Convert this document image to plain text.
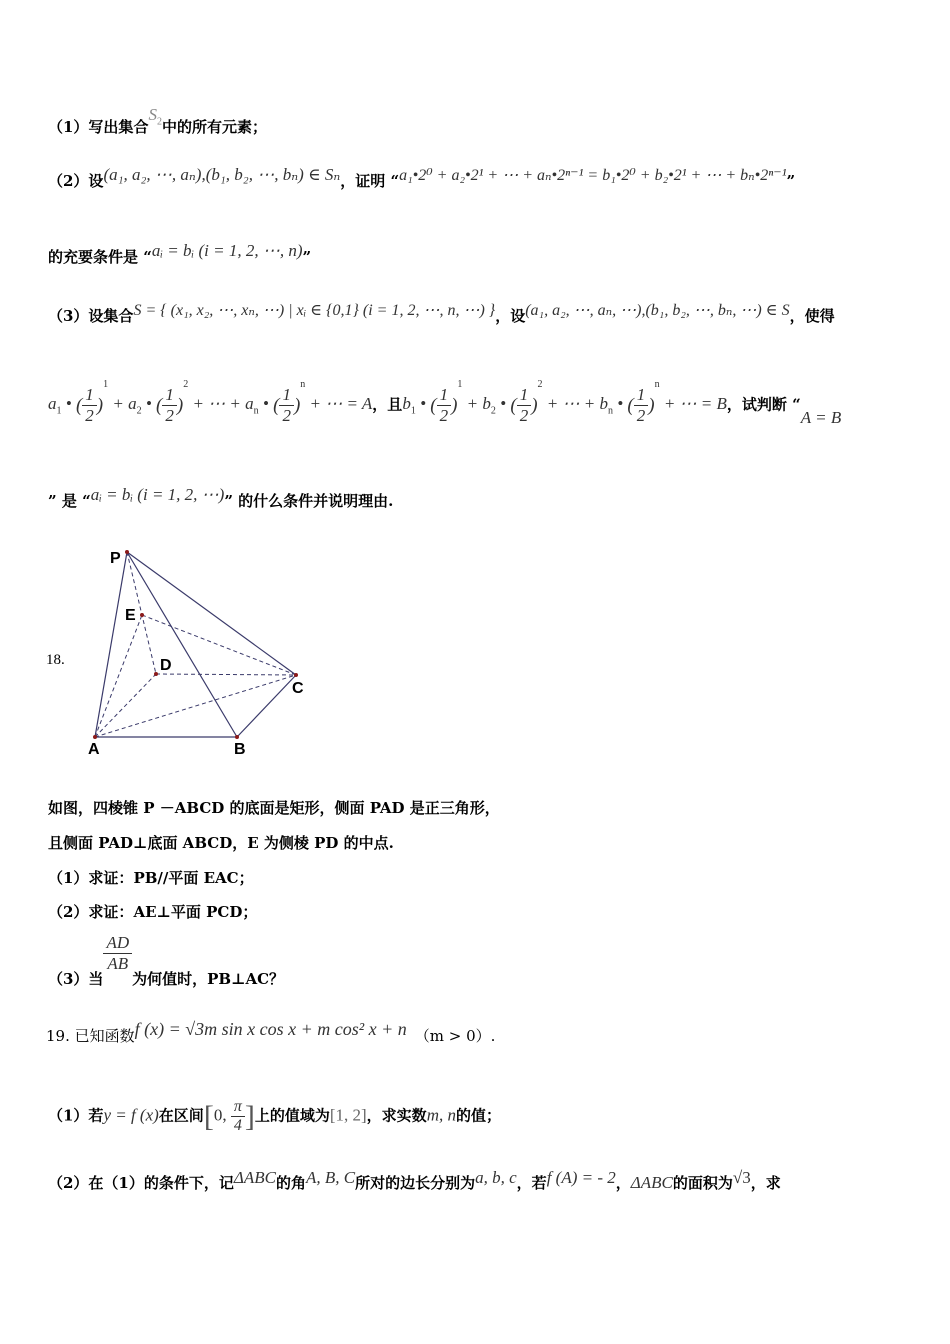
（1）写出集合$S_2$中的所有元素；
（2）设(a₁, a₂, ⋯, aₙ),(b₁, b₂, ⋯, bₙ) ∈ Sₙ，证明 “a₁•2⁰ + a₂•2¹ + ⋯ + aₙ•2ⁿ⁻¹ = b₁•2⁰ + b₂•2¹ + ⋯ + bₙ•2ⁿ⁻¹”
的充要条件是 “aᵢ = bᵢ (i = 1, 2, ⋯, n)”
（3）设集合S = { (x₁, x₂, ⋯, xₙ, ⋯) | xᵢ ∈ {0,1} (i = 1, 2, ⋯, n, ⋯) }，设(a₁, a₂, ⋯, aₙ, ⋯),(b₁, b₂, ⋯, bₙ, ⋯) ∈ S，使得
$a_1$ • ( $\frac{1}{2} )^1 + a_2$ • ( $\frac{1}{2} )^2$ + ⋯ + $a_n$ • ( $\frac{1}{2} )^n$ + ⋯ = A，且$b_1$ • ( $\frac{1}{2} )^1 + b_2$ • ( $\frac{1}{2} )^2$ + ⋯ + $b_n$ • ( $\frac{1}{2} )^n$ + ⋯ = B，试判断 “A = B
” 是 “aᵢ = bᵢ (i = 1, 2, ⋯)” 的什么条件并说明理由.
18.
P
E
D
C
A	B
如图，四棱锥 P －ABCD 的底面是矩形，侧面 PAD 是正三角形，
且侧面 PAD⊥底面 ABCD，E 为侧棱 PD 的中点.
（1）求证：PB//平面 EAC；
（2）求证：AE⊥平面 PCD；
（3）当
$\frac{AD}{AB}$
为何值时，PB⊥AC？
19. 已知函数f (x) = √3m sin x cos x + m cos² x + n （m > 0）.
（1）若y = f (x)在区间[0, $\frac{\pi}{4}$ ]上的值域为[1, 2]，求实数m, n的值；
（2）在（1）的条件下，记ΔABC的角A, B, C所对的边长分别为a, b, c，若f (A) = - 2，ΔABC的面积为√3，求
